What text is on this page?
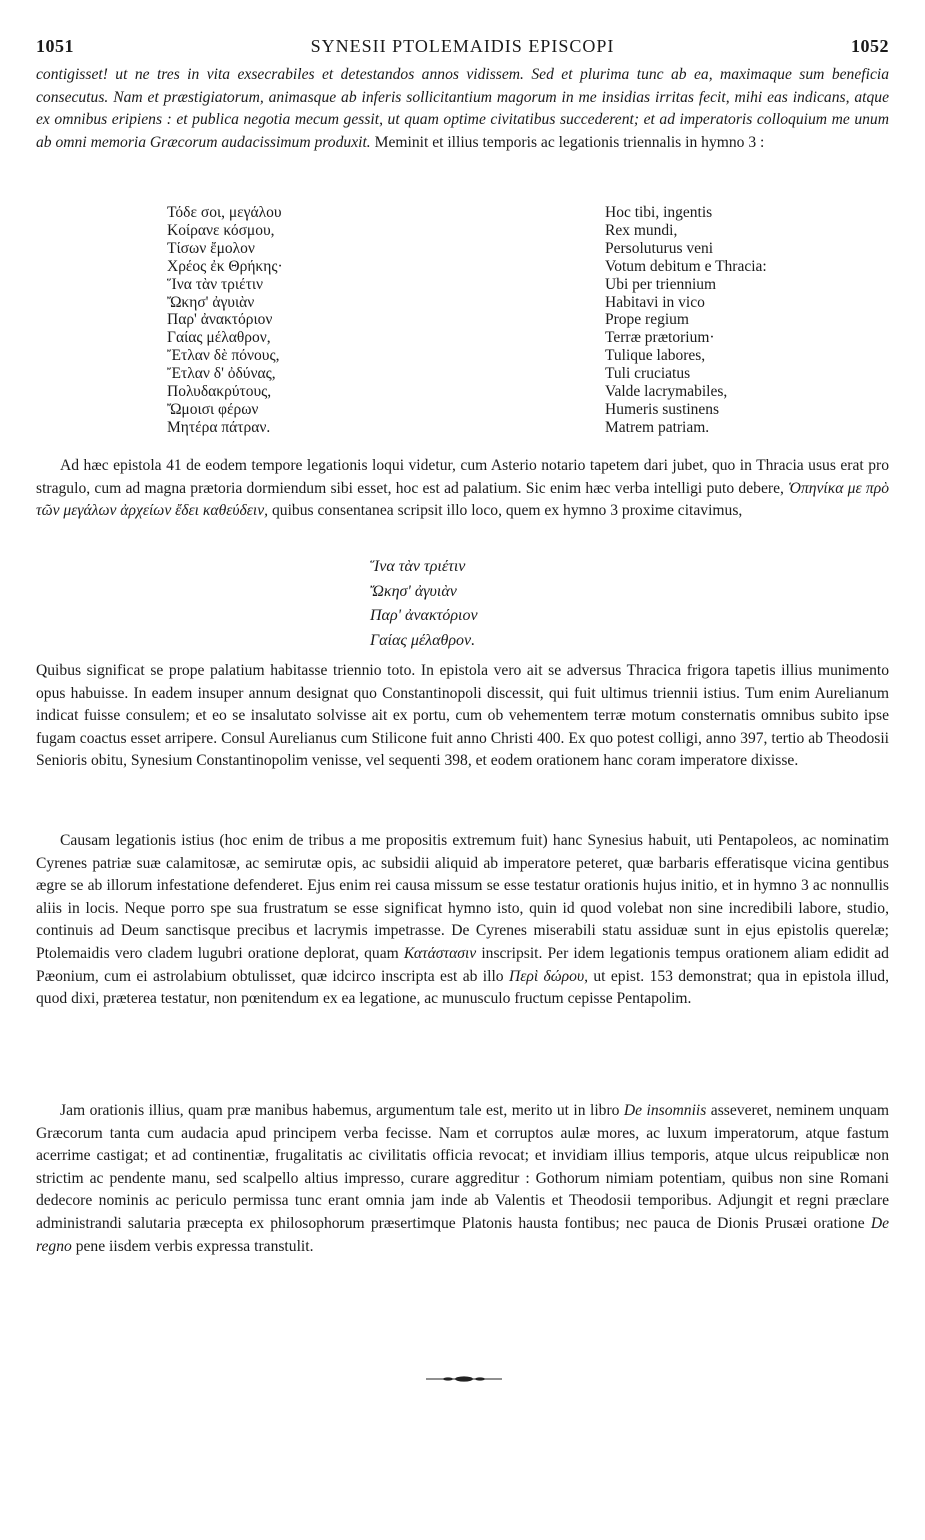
1051	SYNESII PTOLEMAIDIS EPISCOPI	1052
contigisset! ut ne tres in vita exsecrabiles et detestandos annos vidissem. Sed et plurima tunc ab ea, maximaque sum beneficia consecutus. Nam et præstigiatorum, animasque ab inferis sollicitantium magorum in me insidias irritas fecit, mihi eas indicans, atque ex omnibus eripiens : et publica negotia mecum gessit, ut quam optime civitatibus succederent; et ad imperatoris colloquium me unum ab omni memoria Græcorum audacissimum produxit. Meminit et illius temporis ac legationis triennalis in hymno 3 :
Τόδε σοι, μεγάλου
Κοίρανε κόσμου,
Τίσων ἔμολον
Χρέος ἐκ Θρήκης·
Ἵνα τὰν τριέτιν
Ὤκησ' ἀγυιὰν
Παρ' ἀνακτόριον
Γαίας μέλαθρον,
Ἔτλαν δὲ πόνους,
Ἔτλαν δ' ὀδύνας,
Πολυδακρύτους,
Ὤμοισι φέρων
Μητέρα πάτραν.
Hoc tibi, ingentis
Rex mundi,
Persoluturus veni
Votum debitum e Thracia:
Ubi per triennium
Habitavi in vico
Prope regium
Terræ prætorium·
Tulique labores,
Tuli cruciatus
Valde lacrymabiles,
Humeris sustinens
Matrem patriam.
Ad hæc epistola 41 de eodem tempore legationis loqui videtur, cum Asterio notario tapetem dari jubet, quo in Thracia usus erat pro stragulo, cum ad magna prætoria dormiendum sibi esset, hoc est ad palatium. Sic enim hæc verba intelligi puto debere, Ὁπηνίκα με πρὸ τῶν μεγάλων ἀρχείων ἔδει καθεύδειν, quibus consentanea scripsit illo loco, quem ex hymno 3 proxime citavimus,
Ἵνα τὰν τριέτιν
Ὤκησ' ἀγυιὰν
Παρ' ἀνακτόριον
Γαίας μέλαθρον.
Quibus significat se prope palatium habitasse triennio toto. In epistola vero ait se adversus Thracica frigora tapetis illius munimento opus habuisse. In eadem insuper annum designat quo Constantinopoli discessit, qui fuit ultimus triennii istius. Tum enim Aurelianum indicat fuisse consulem; et eo se insalutato solvisse ait ex portu, cum ob vehementem terræ motum consternatis omnibus subito ipse fugam coactus esset arripere. Consul Aurelianus cum Stilicone fuit anno Christi 400. Ex quo potest colligi, anno 397, tertio ab Theodosii Senioris obitu, Synesium Constantinopolim venisse, vel sequenti 398, et eodem orationem hanc coram imperatore dixisse.
Causam legationis istius (hoc enim de tribus a me propositis extremum fuit) hanc Synesius habuit, uti Pentapoleos, ac nominatim Cyrenes patriæ suæ calamitosæ, ac semirutæ opis, ac subsidii aliquid ab imperatore peteret, quæ barbaris efferatisque vicina gentibus ægre se ab illorum infestatione defenderet. Ejus enim rei causa missum se esse testatur orationis hujus initio, et in hymno 3 ac nonnullis aliis in locis. Neque porro spe sua frustratum se esse significat hymno isto, quin id quod volebat non sine incredibili labore, studio, continuis ad Deum sanctisque precibus et lacrymis impetrasse. De Cyrenes miserabili statu assiduæ sunt in ejus epistolis querelæ; Ptolemaidis vero cladem lugubri oratione deplorat, quam Κατάστασιν inscripsit. Per idem legationis tempus orationem aliam edidit ad Pæonium, cum ei astrolabium obtulisset, quæ idcirco inscripta est ab illo Περὶ δώρου, ut epist. 153 demonstrat; qua in epistola illud, quod dixi, præterea testatur, non pœnitendum ex ea legatione, ac munusculo fructum cepisse Pentapolim.
Jam orationis illius, quam præ manibus habemus, argumentum tale est, merito ut in libro De insomniis asseveret, neminem unquam Græcorum tanta cum audacia apud principem verba fecisse. Nam et corruptos aulæ mores, ac luxum imperatorum, atque fastum acerrime castigat; et ad continentiæ, frugalitatis ac civilitatis officia revocat; et invidiam illius temporis, atque ulcus reipublicæ non strictim ac pendente manu, sed scalpello altius impresso, curare aggreditur : Gothorum nimiam potentiam, quibus non sine Romani dedecore nominis ac periculo permissa tunc erant omnia jam inde ab Valentis et Theodosii temporibus. Adjungit et regni præclare administrandi salutaria præcepta ex philosophorum præsertimque Platonis hausta fontibus; nec pauca de Dionis Prusæi oratione De regno pene iisdem verbis expressa transtulit.
